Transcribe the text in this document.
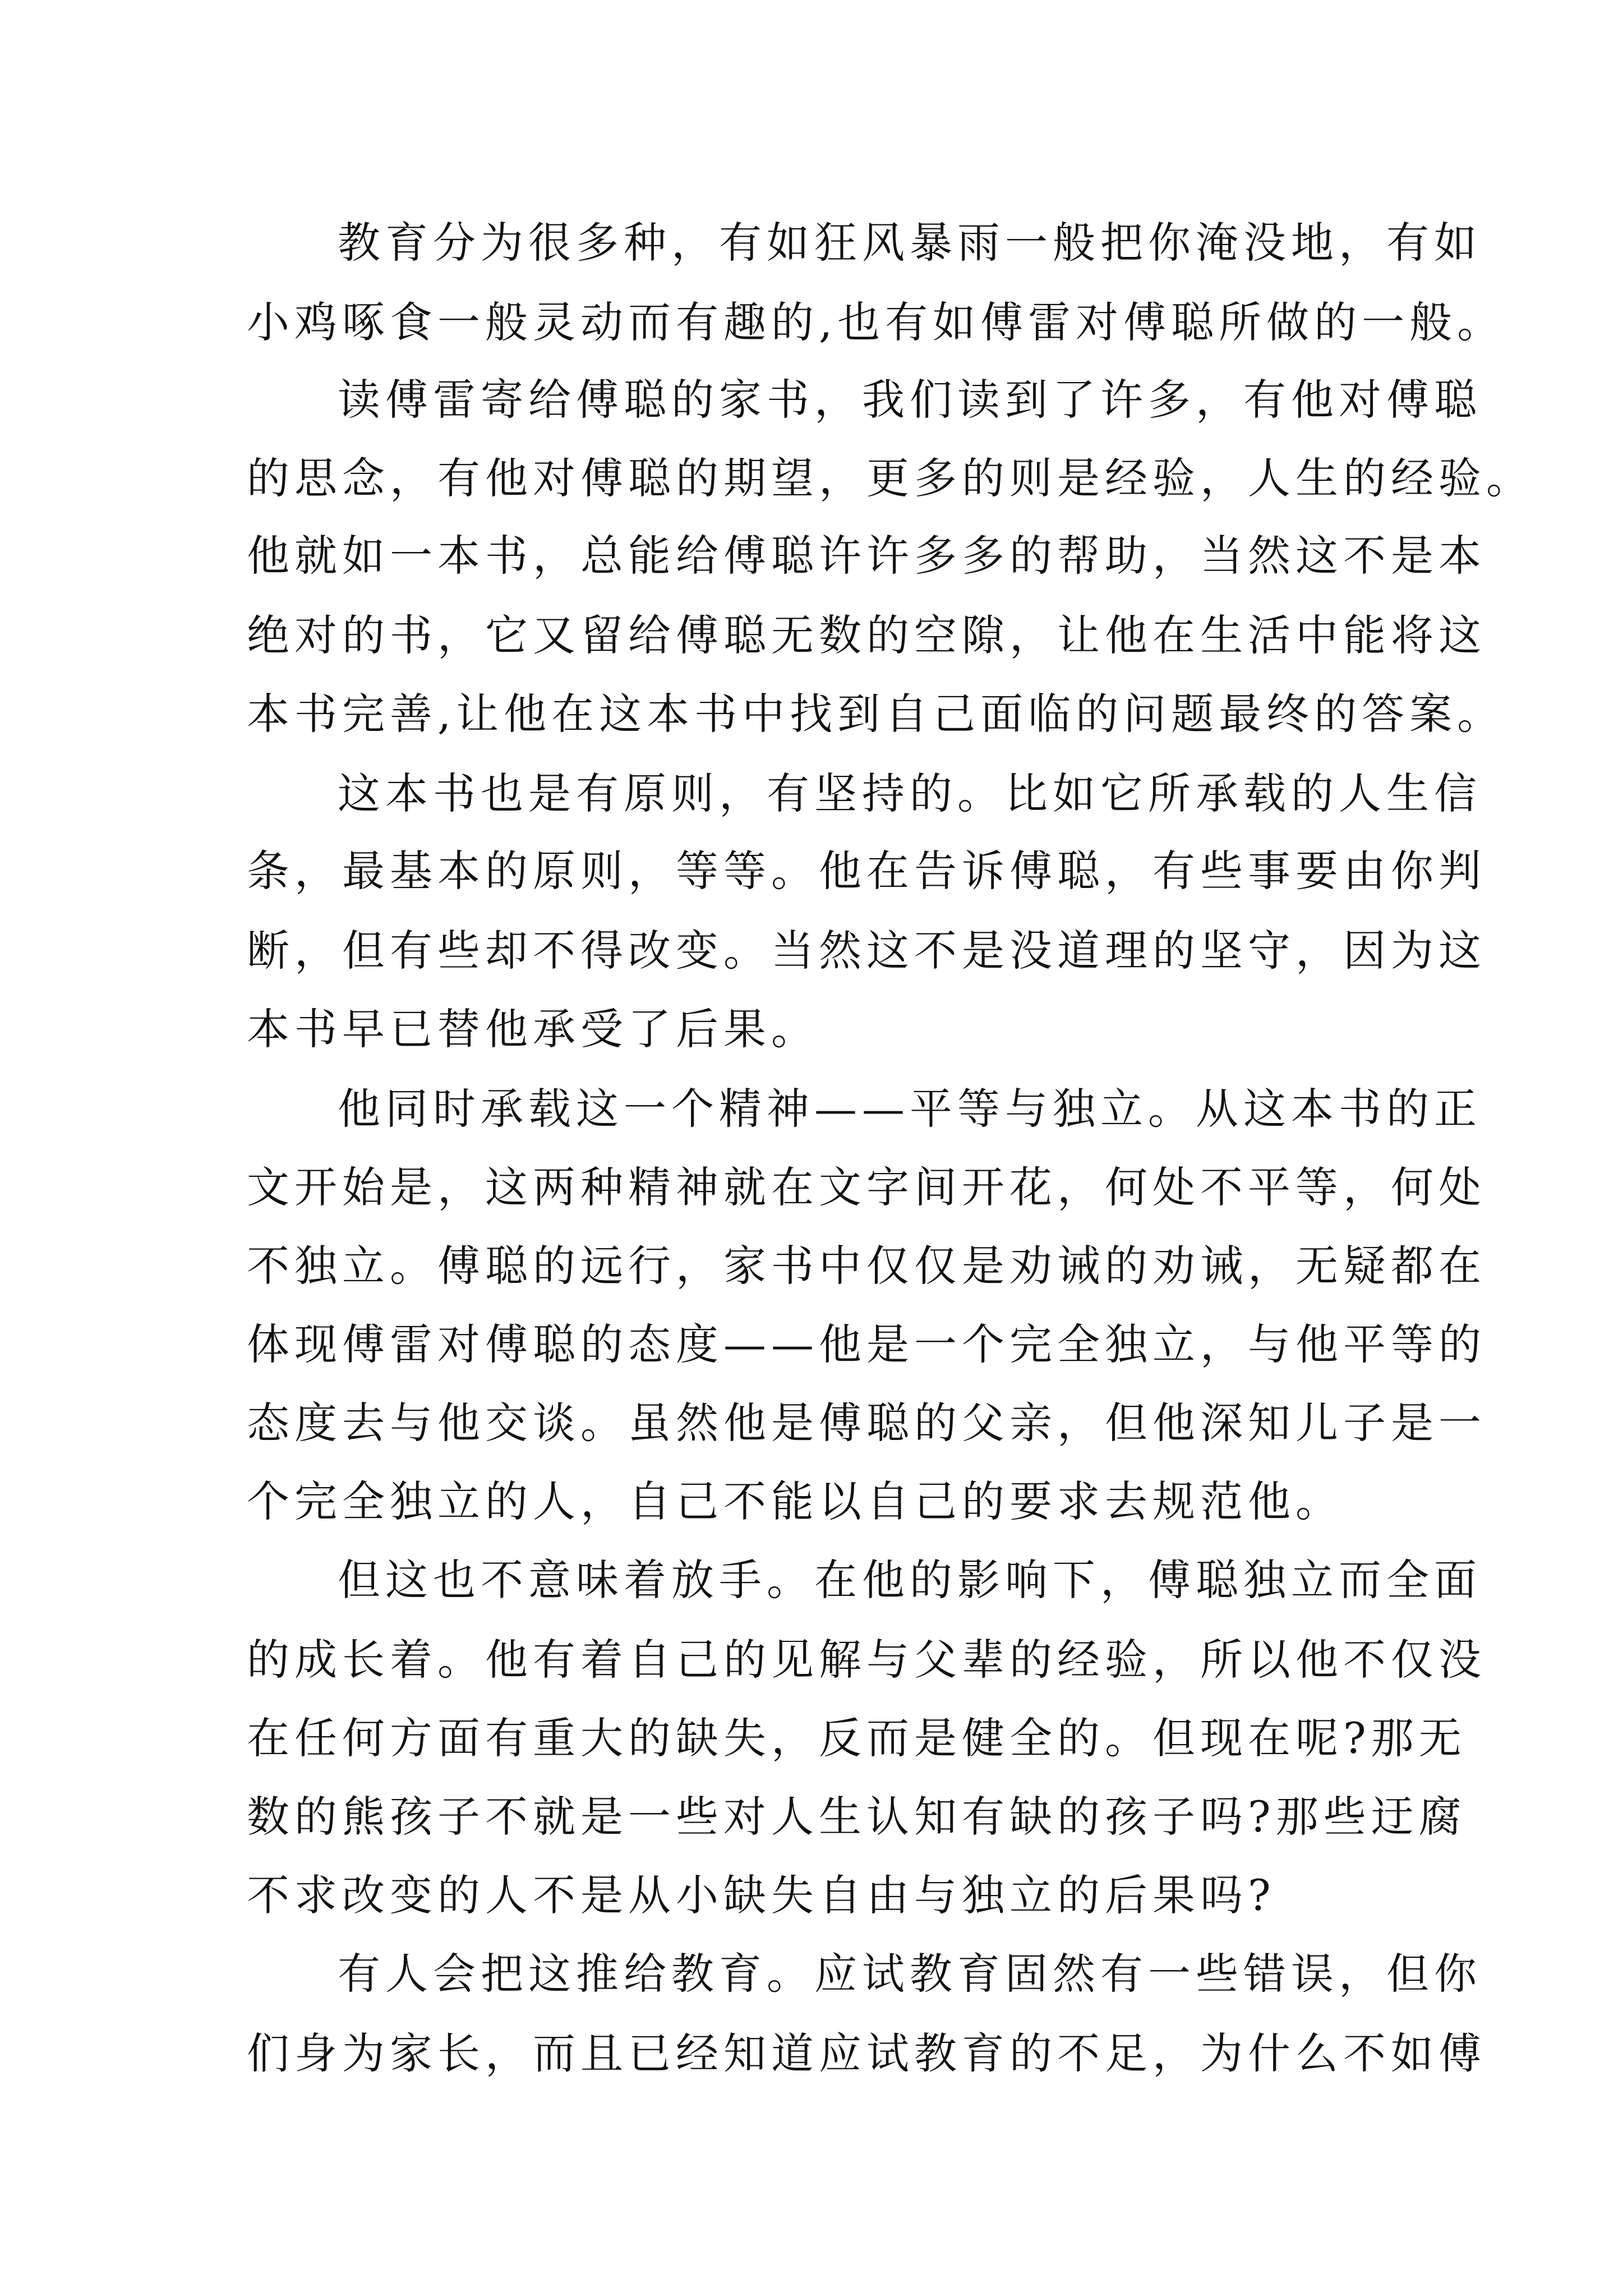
教育分为很多种，有如狂风暴雨一般把你淹没地，有如
小鸡啄食一般灵动而有趣的,也有如傅雷对傅聪所做的一般。
读傅雷寄给傅聪的家书，我们读到了许多，有他对傅聪
的思念，有他对傅聪的期望，更多的则是经验，人生的经验。
他就如一本书，总能给傅聪许许多多的帮助，当然这不是本
绝对的书，它又留给傅聪无数的空隙，让他在生活中能将这
本书完善,让他在这本书中找到自己面临的问题最终的答案。
这本书也是有原则，有坚持的。比如它所承载的人生信
条，最基本的原则，等等。他在告诉傅聪，有些事要由你判
断，但有些却不得改变。当然这不是没道理的坚守，因为这
本书早已替他承受了后果。
他同时承载这一个精神——平等与独立。从这本书的正
文开始是，这两种精神就在文字间开花，何处不平等，何处
不独立。傅聪的远行，家书中仅仅是劝诫的劝诫，无疑都在
体现傅雷对傅聪的态度——他是一个完全独立，与他平等的
态度去与他交谈。虽然他是傅聪的父亲，但他深知儿子是一
个完全独立的人，自己不能以自己的要求去规范他。
但这也不意味着放手。在他的影响下，傅聪独立而全面
的成长着。他有着自己的见解与父辈的经验，所以他不仅没
在任何方面有重大的缺失，反而是健全的。但现在呢?那无
数的熊孩子不就是一些对人生认知有缺的孩子吗?那些迂腐
不求改变的人不是从小缺失自由与独立的后果吗?
有人会把这推给教育。应试教育固然有一些错误，但你
们身为家长，而且已经知道应试教育的不足，为什么不如傅
